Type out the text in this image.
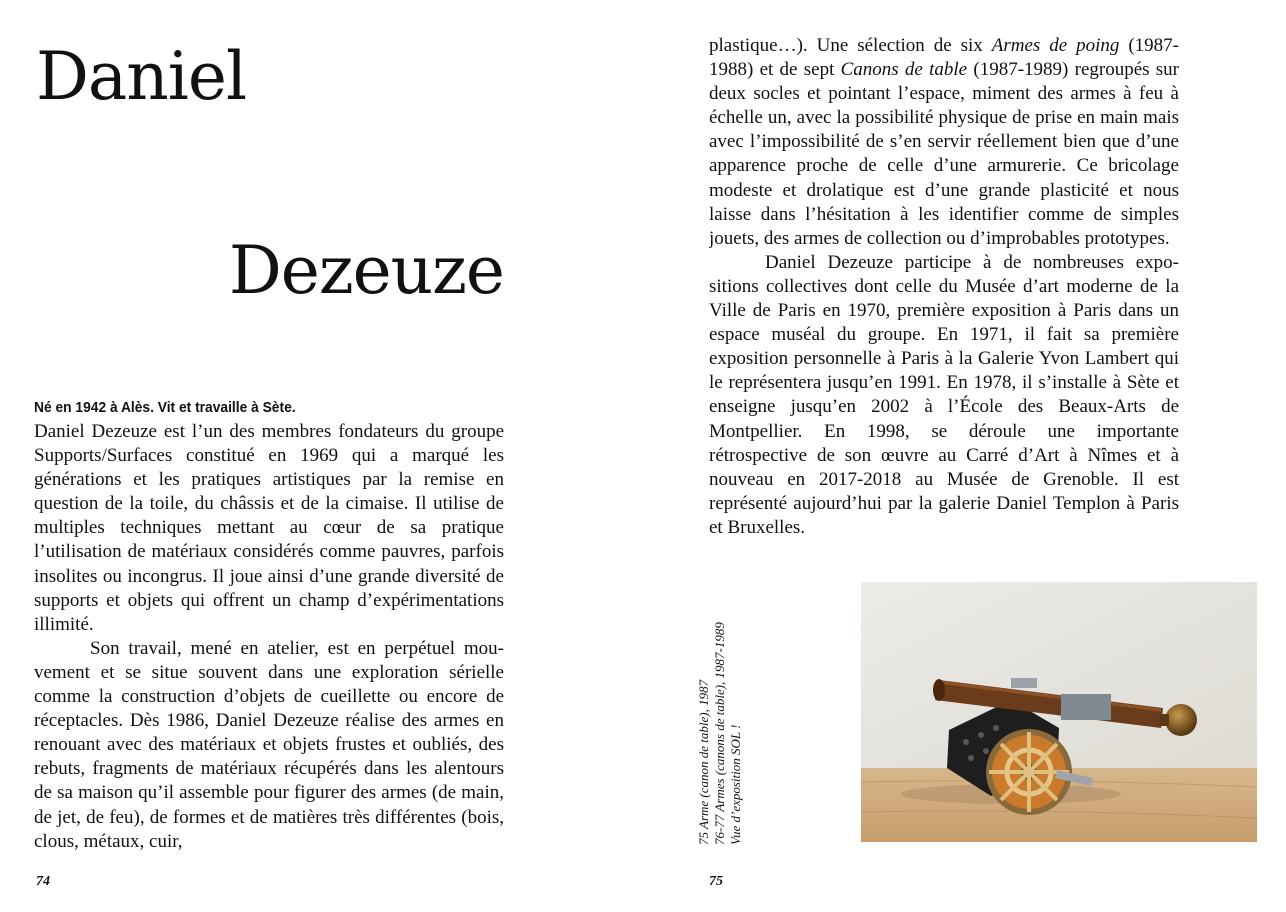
Daniel
Dezeuze

Né en 1942 à Alès. Vit et travaille à Sète.

Daniel Dezeuze est l’un des membres fondateurs du groupe Supports/Surfaces constitué en 1969 qui a marqué les générations et les pratiques artistiques par la remise en question de la toile, du châssis et de la cimaise. Il utilise de multiples techniques mettant au cœur de sa pratique l’utilisation de matériaux considérés comme pauvres, parfois insolites ou incongrus. Il joue ainsi d’une grande diversité de supports et objets qui offrent un champ d’expérimentations illimité.

Son travail, mené en atelier, est en perpétuel mouvement et se situe souvent dans une exploration sérielle comme la construction d’objets de cueillette ou encore de réceptacles. Dès 1986, Daniel Dezeuze réalise des armes en renouant avec des matériaux et objets frustes et oubliés, des rebuts, fragments de matériaux récupérés dans les alentours de sa maison qu’il assemble pour figurer des armes (de main, de jet, de feu), de formes et de matières très différentes (bois, clous, métaux, cuir,

74

plastique…). Une sélection de six Armes de poing (1987-1988) et de sept Canons de table (1987-1989) regroupés sur deux socles et pointant l’espace, miment des armes à feu à échelle un, avec la possibilité physique de prise en main mais avec l’impossibilité de s’en servir réellement bien que d’une apparence proche de celle d’une armurerie. Ce bricolage modeste et drolatique est d’une grande plasticité et nous laisse dans l’hésitation à les identifier comme de simples jouets, des armes de collection ou d’improbables prototypes.

Daniel Dezeuze participe à de nombreuses expositions collectives dont celle du Musée d’art moderne de la Ville de Paris en 1970, première exposition à Paris dans un espace muséal du groupe. En 1971, il fait sa première exposition personnelle à Paris à la Galerie Yvon Lambert qui le représentera jusqu’en 1991. En 1978, il s’installe à Sète et enseigne jusqu’en 2002 à l’École des Beaux-Arts de Montpellier. En 1998, se déroule une importante rétrospective de son œuvre au Carré d’Art à Nîmes et à nouveau en 2017-2018 au Musée de Grenoble. Il est représenté aujourd’hui par la galerie Daniel Templon à Paris et Bruxelles.

75 Arme (canon de table), 1987 76-77 Armes (canons de table), 1987-1989 Vue d’exposition SOL !

75
